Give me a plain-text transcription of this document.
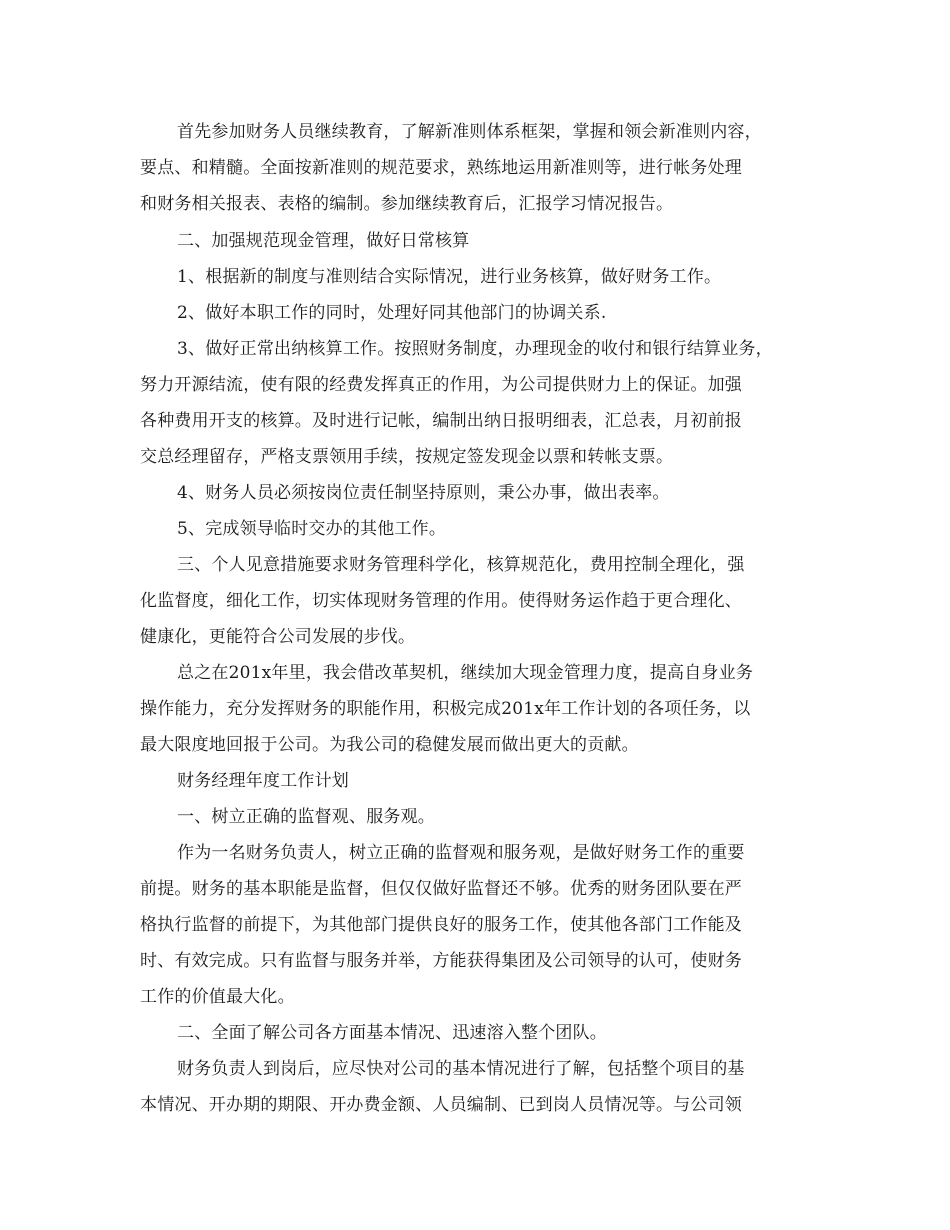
首先参加财务人员继续教育，了解新准则体系框架，掌握和领会新准则内容，
要点、和精髓。全面按新准则的规范要求，熟练地运用新准则等，进行帐务处理
和财务相关报表、表格的编制。参加继续教育后，汇报学习情况报告。
二、加强规范现金管理，做好日常核算
1、根据新的制度与准则结合实际情况，进行业务核算，做好财务工作。
2、做好本职工作的同时，处理好同其他部门的协调关系.
3、做好正常出纳核算工作。按照财务制度，办理现金的收付和银行结算业务，
努力开源结流，使有限的经费发挥真正的作用，为公司提供财力上的保证。加强
各种费用开支的核算。及时进行记帐，编制出纳日报明细表，汇总表，月初前报
交总经理留存，严格支票领用手续，按规定签发现金以票和转帐支票。
4、财务人员必须按岗位责任制坚持原则，秉公办事，做出表率。
5、完成领导临时交办的其他工作。
三、个人见意措施要求财务管理科学化，核算规范化，费用控制全理化，强
化监督度，细化工作，切实体现财务管理的作用。使得财务运作趋于更合理化、
健康化，更能符合公司发展的步伐。
总之在201x年里，我会借改革契机，继续加大现金管理力度，提高自身业务
操作能力，充分发挥财务的职能作用，积极完成201x年工作计划的各项任务，以
最大限度地回报于公司。为我公司的稳健发展而做出更大的贡献。
财务经理年度工作计划
一、树立正确的监督观、服务观。
作为一名财务负责人，树立正确的监督观和服务观，是做好财务工作的重要
前提。财务的基本职能是监督，但仅仅做好监督还不够。优秀的财务团队要在严
格执行监督的前提下，为其他部门提供良好的服务工作，使其他各部门工作能及
时、有效完成。只有监督与服务并举，方能获得集团及公司领导的认可，使财务
工作的价值最大化。
二、全面了解公司各方面基本情况、迅速溶入整个团队。
财务负责人到岗后，应尽快对公司的基本情况进行了解，包括整个项目的基
本情况、开办期的期限、开办费金额、人员编制、已到岗人员情况等。与公司领
